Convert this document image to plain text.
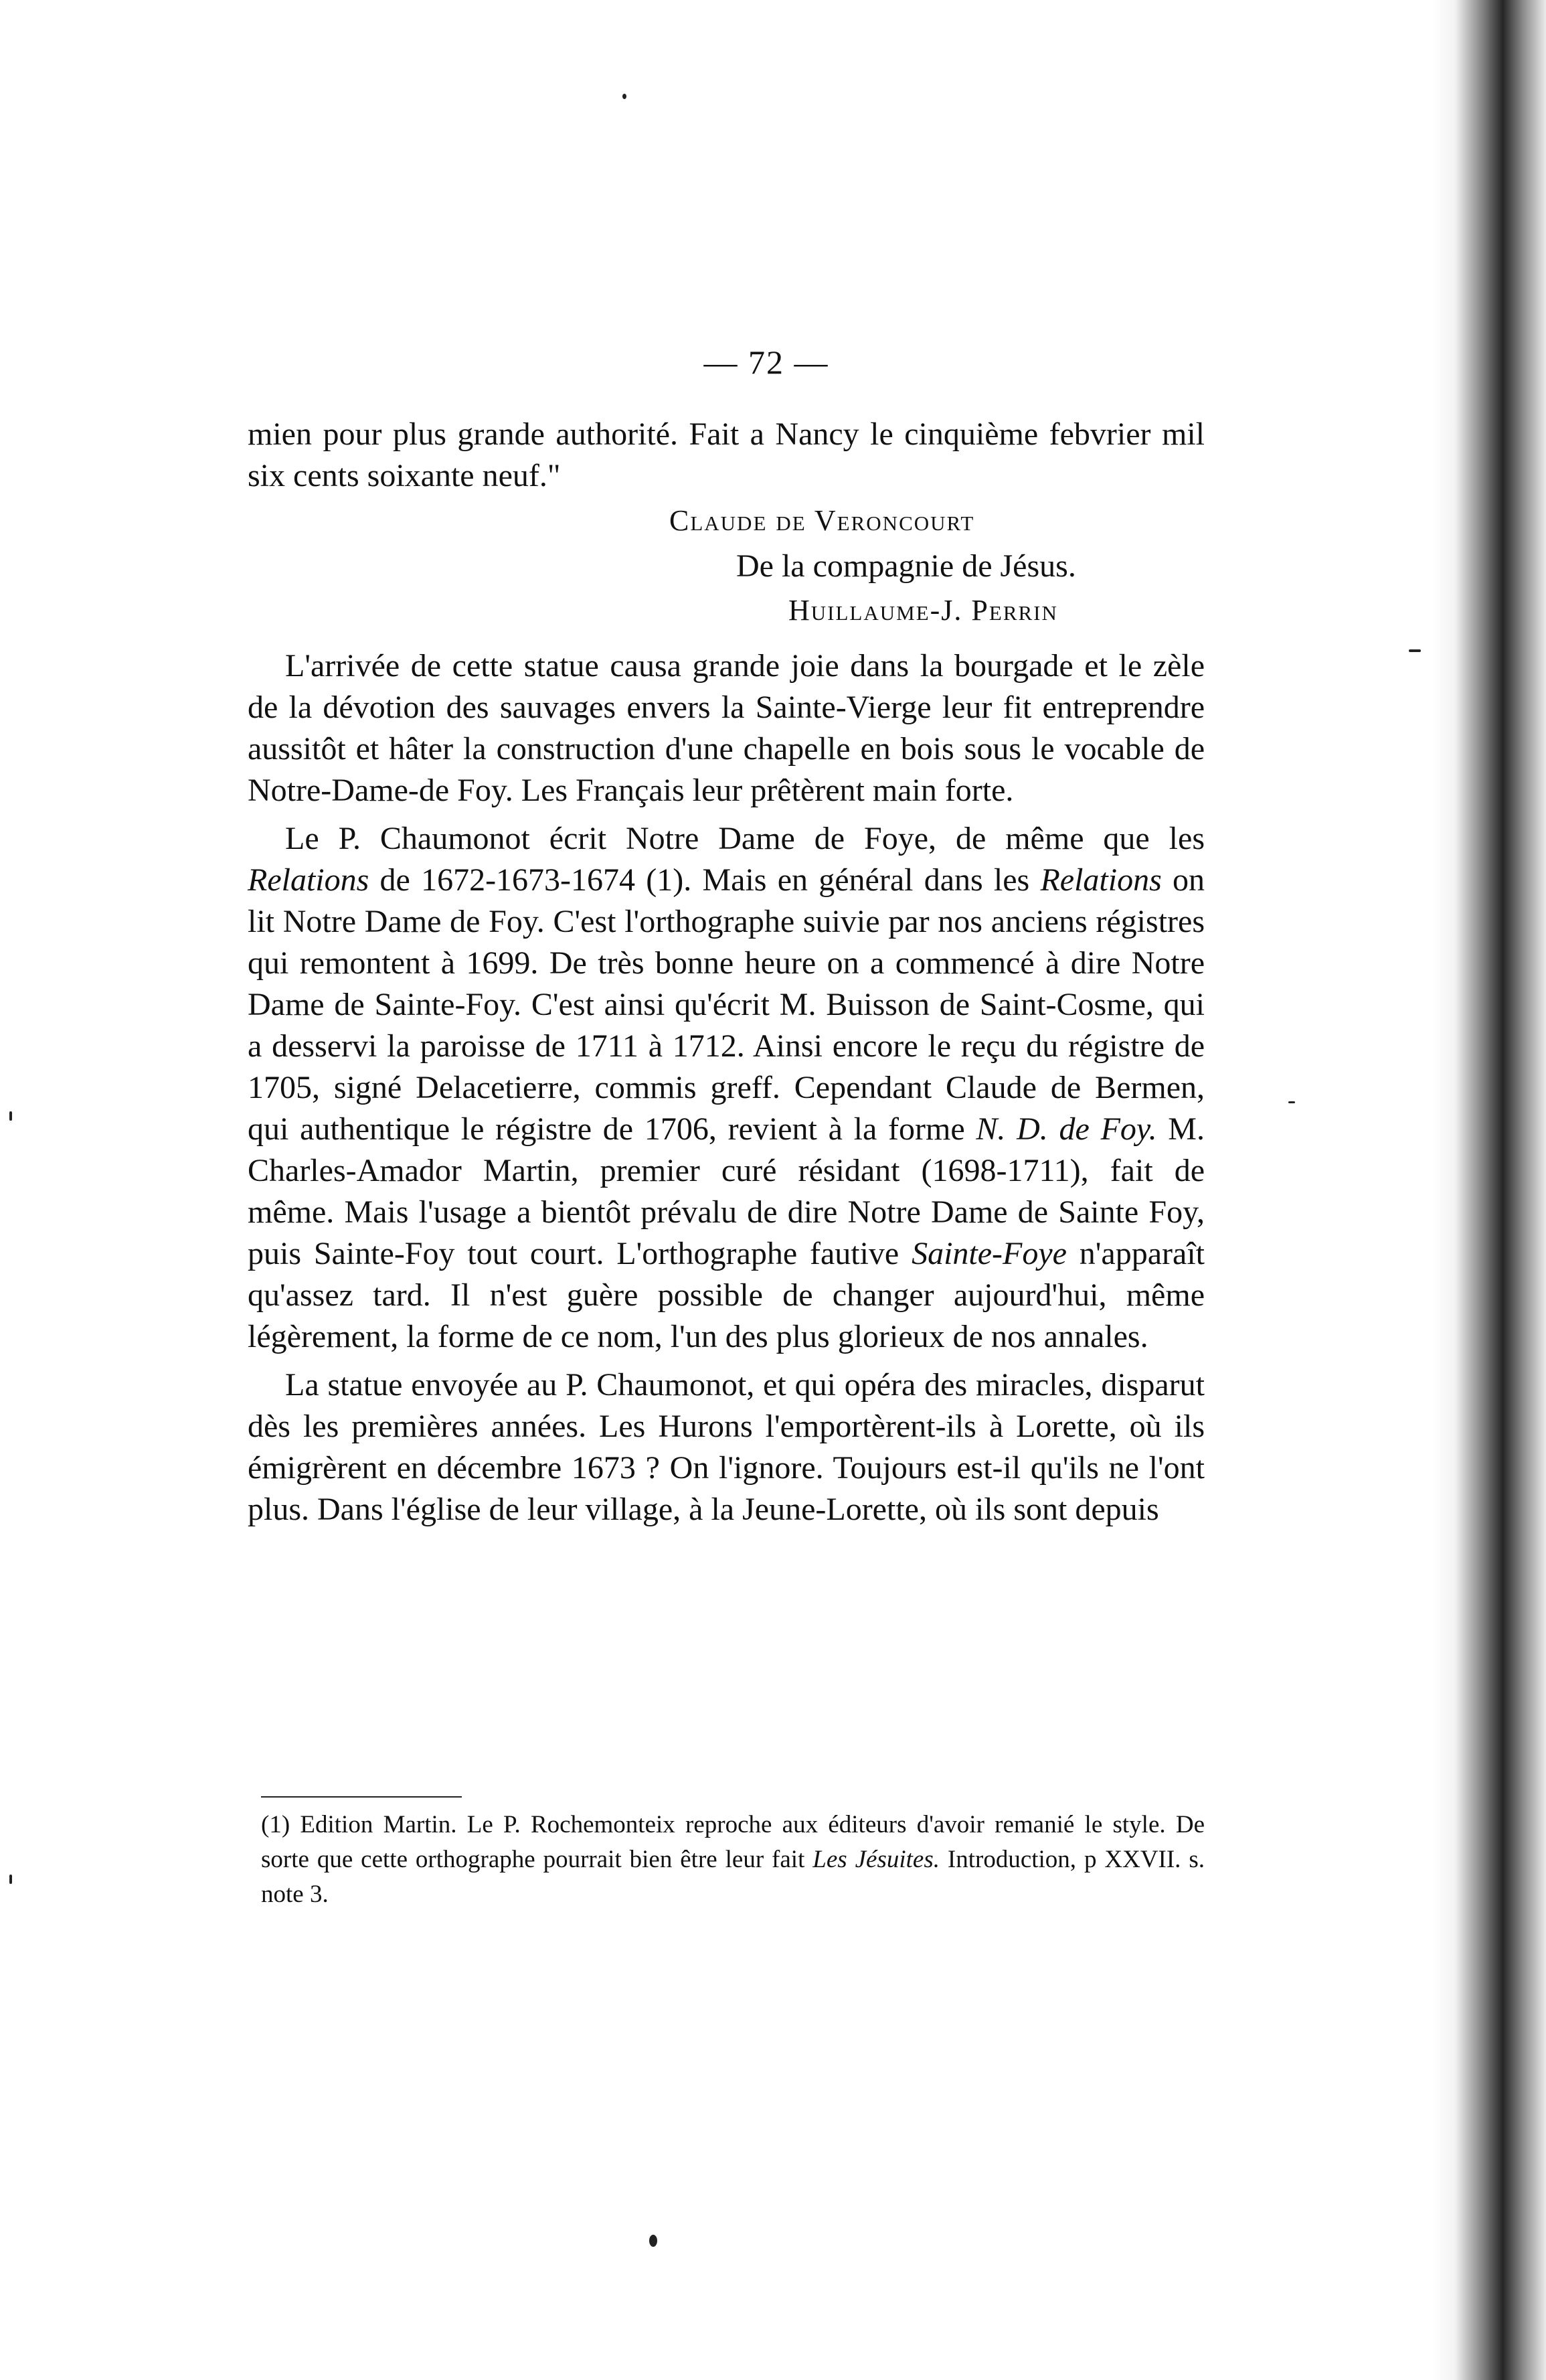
— 72 —

mien pour plus grande authorité. Fait a Nancy le cinquième febvrier mil six cents soixante neuf."

Claude de Veroncourt
De la compagnie de Jésus.
Huillaume-J. Perrin

L'arrivée de cette statue causa grande joie dans la bourgade et le zèle de la dévotion des sauvages envers la Sainte-Vierge leur fit entreprendre aussitôt et hâter la construction d'une chapelle en bois sous le vocable de Notre-Dame-de Foy. Les Français leur prêtèrent main forte.

Le P. Chaumonot écrit Notre Dame de Foye, de même que les Relations de 1672-1673-1674 (1). Mais en général dans les Relations on lit Notre Dame de Foy. C'est l'orthographe suivie par nos anciens régistres qui remontent à 1699. De très bonne heure on a commencé à dire Notre Dame de Sainte-Foy. C'est ainsi qu'écrit M. Buisson de Saint-Cosme, qui a desservi la paroisse de 1711 à 1712. Ainsi encore le reçu du régistre de 1705, signé Delacetierre, commis greff. Cependant Claude de Bermen, qui authentique le régistre de 1706, revient à la forme N. D. de Foy. M. Charles-Amador Martin, premier curé résidant (1698-1711), fait de même. Mais l'usage a bientôt prévalu de dire Notre Dame de Sainte Foy, puis Sainte-Foy tout court. L'orthographe fautive Sainte-Foye n'apparaît qu'assez tard. Il n'est guère possible de changer aujourd'hui, même légèrement, la forme de ce nom, l'un des plus glorieux de nos annales.

La statue envoyée au P. Chaumonot, et qui opéra des miracles, disparut dès les premières années. Les Hurons l'emportèrent-ils à Lorette, où ils émigrèrent en décembre 1673 ? On l'ignore. Toujours est-il qu'ils ne l'ont plus. Dans l'église de leur village, à la Jeune-Lorette, où ils sont depuis

(1) Edition Martin. Le P. Rochemonteix reproche aux éditeurs d'avoir remanié le style. De sorte que cette orthographe pourrait bien être leur fait Les Jésuites. Introduction, p XXVII. s. note 3.
